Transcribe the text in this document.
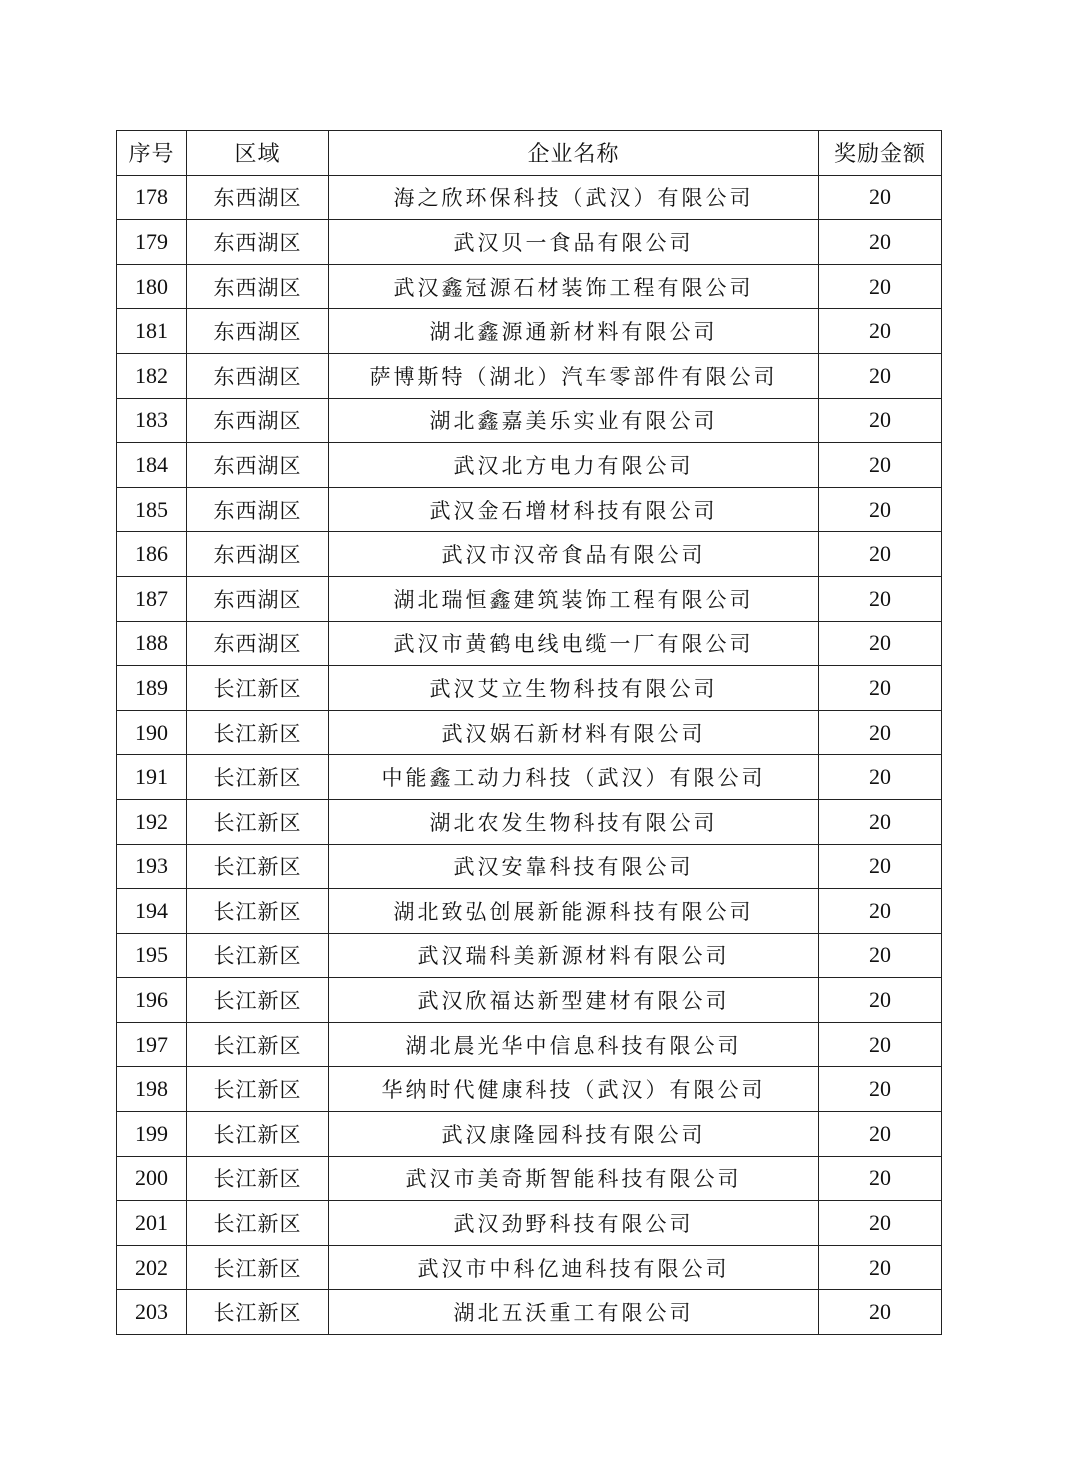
序号	区域	企业名称	奖励金额
178	东西湖区	海之欣环保科技（武汉）有限公司	20
179	东西湖区	武汉贝一食品有限公司	20
180	东西湖区	武汉鑫冠源石材装饰工程有限公司	20
181	东西湖区	湖北鑫源通新材料有限公司	20
182	东西湖区	萨博斯特（湖北）汽车零部件有限公司	20
183	东西湖区	湖北鑫嘉美乐实业有限公司	20
184	东西湖区	武汉北方电力有限公司	20
185	东西湖区	武汉金石增材科技有限公司	20
186	东西湖区	武汉市汉帝食品有限公司	20
187	东西湖区	湖北瑞恒鑫建筑装饰工程有限公司	20
188	东西湖区	武汉市黄鹤电线电缆一厂有限公司	20
189	长江新区	武汉艾立生物科技有限公司	20
190	长江新区	武汉娲石新材料有限公司	20
191	长江新区	中能鑫工动力科技（武汉）有限公司	20
192	长江新区	湖北农发生物科技有限公司	20
193	长江新区	武汉安靠科技有限公司	20
194	长江新区	湖北致弘创展新能源科技有限公司	20
195	长江新区	武汉瑞科美新源材料有限公司	20
196	长江新区	武汉欣福达新型建材有限公司	20
197	长江新区	湖北晨光华中信息科技有限公司	20
198	长江新区	华纳时代健康科技（武汉）有限公司	20
199	长江新区	武汉康隆园科技有限公司	20
200	长江新区	武汉市美奇斯智能科技有限公司	20
201	长江新区	武汉劲野科技有限公司	20
202	长江新区	武汉市中科亿迪科技有限公司	20
203	长江新区	湖北五沃重工有限公司	20
